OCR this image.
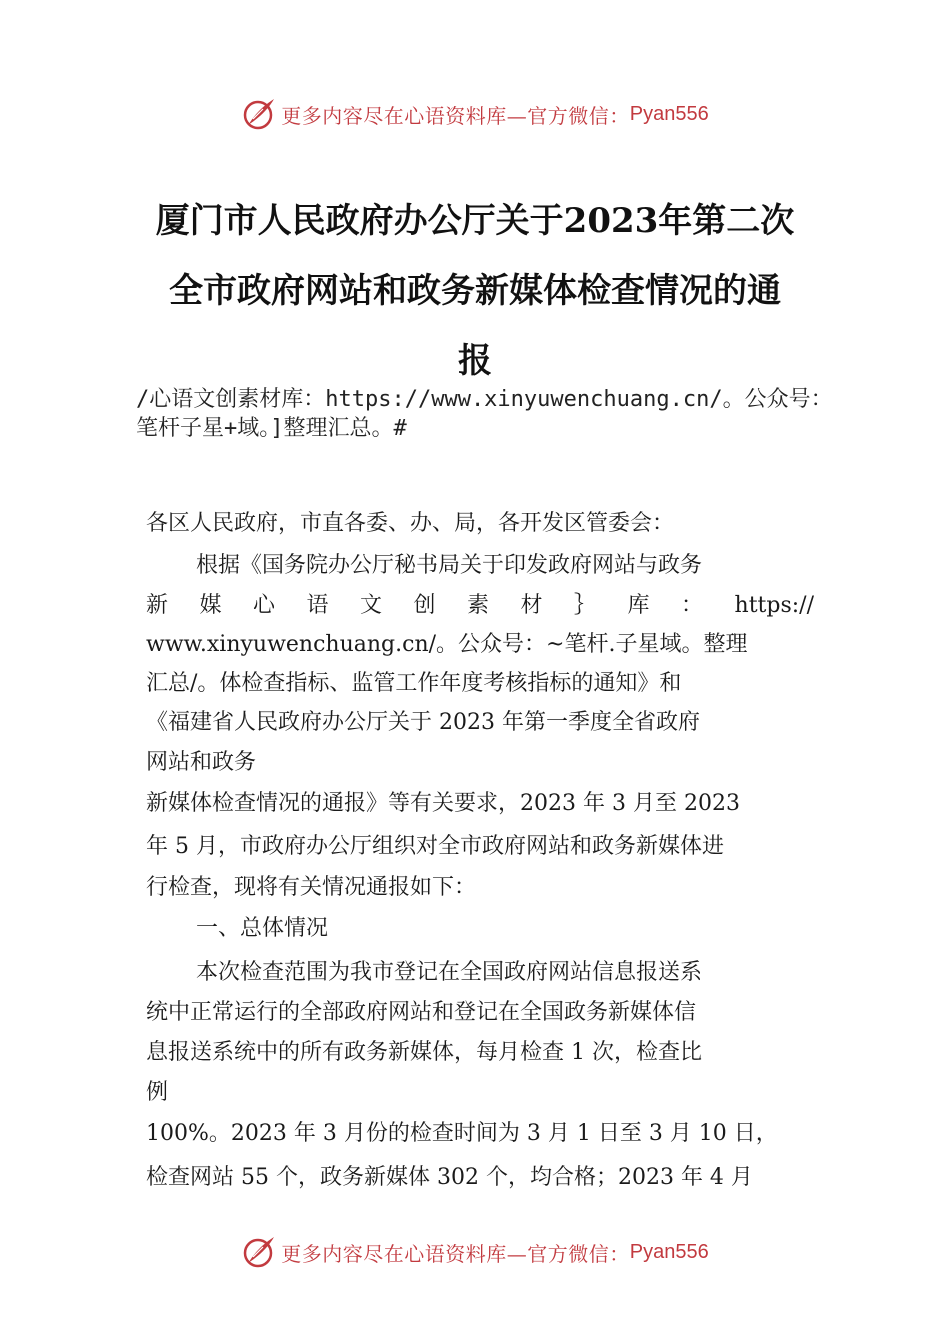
更多内容尽在心语资料库—官方微信： Pyan556
厦门市人民政府办公厅关于2023年第二次
全市政府网站和政务新媒体检查情况的通
报
/心语文创素材库：https://www.xinyuwenchuang.cn/。公众号：
笔杆子星+域。]整理汇总。#
各区人民政府，市直各委、办、局，各开发区管委会：
根据《国务院办公厅秘书局关于印发政府网站与政务
新 媒 心 语 文 创 素 材 ｝ 库 ： https://
www.xinyuwenchuang.cn/。公众号：~笔杆.子星域。整理
汇总/。体检查指标、监管工作年度考核指标的通知》和
《福建省人民政府办公厅关于 2023 年第一季度全省政府
网站和政务
新媒体检查情况的通报》等有关要求，2023 年 3 月至 2023
年 5 月，市政府办公厅组织对全市政府网站和政务新媒体进
行检查，现将有关情况通报如下：
一、总体情况
本次检查范围为我市登记在全国政府网站信息报送系
统中正常运行的全部政府网站和登记在全国政务新媒体信
息报送系统中的所有政务新媒体，每月检查 1 次，检查比
例
100%。2023 年 3 月份的检查时间为 3 月 1 日至 3 月 10 日，
检查网站 55 个，政务新媒体 302 个，均合格；2023 年 4 月
更多内容尽在心语资料库—官方微信： Pyan556
